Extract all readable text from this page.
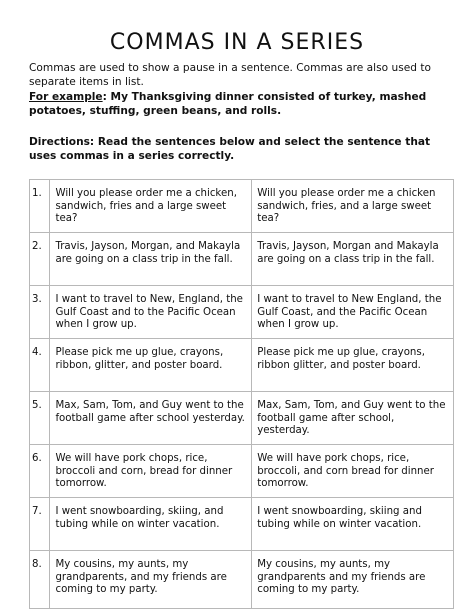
COMMAS IN A SERIES
Commas are used to show a pause in a sentence. Commas are also used to separate items in list.
For example: My Thanksgiving dinner consisted of turkey, mashed potatoes, stuffing, green beans, and rolls.
Directions: Read the sentences below and select the sentence that uses commas in a series correctly.
1.	Will you please order me a chicken, sandwich, fries and a large sweet tea?	Will you please order me a chicken sandwich, fries, and a large sweet tea?
2.	Travis, Jayson, Morgan, and Makayla are going on a class trip in the fall.	Travis, Jayson, Morgan and Makayla are going on a class trip in the fall.
3.	I want to travel to New, England, the Gulf Coast and to the Pacific Ocean when I grow up.	I want to travel to New England, the Gulf Coast, and the Pacific Ocean when I grow up.
4.	Please pick me up glue, crayons, ribbon, glitter, and poster board.	Please pick me up glue, crayons, ribbon glitter, and poster board.
5.	Max, Sam, Tom, and Guy went to the football game after school yesterday.	Max, Sam, Tom, and Guy went to the football game after school, yesterday.
6.	We will have pork chops, rice, broccoli and corn, bread for dinner tomorrow.	We will have pork chops, rice, broccoli, and corn bread for dinner tomorrow.
7.	I went snowboarding, skiing, and tubing while on winter vacation.	I went snowboarding, skiing and tubing while on winter vacation.
8.	My cousins, my aunts, my grandparents, and my friends are coming to my party.	My cousins, my aunts, my grandparents and my friends are coming to my party.
